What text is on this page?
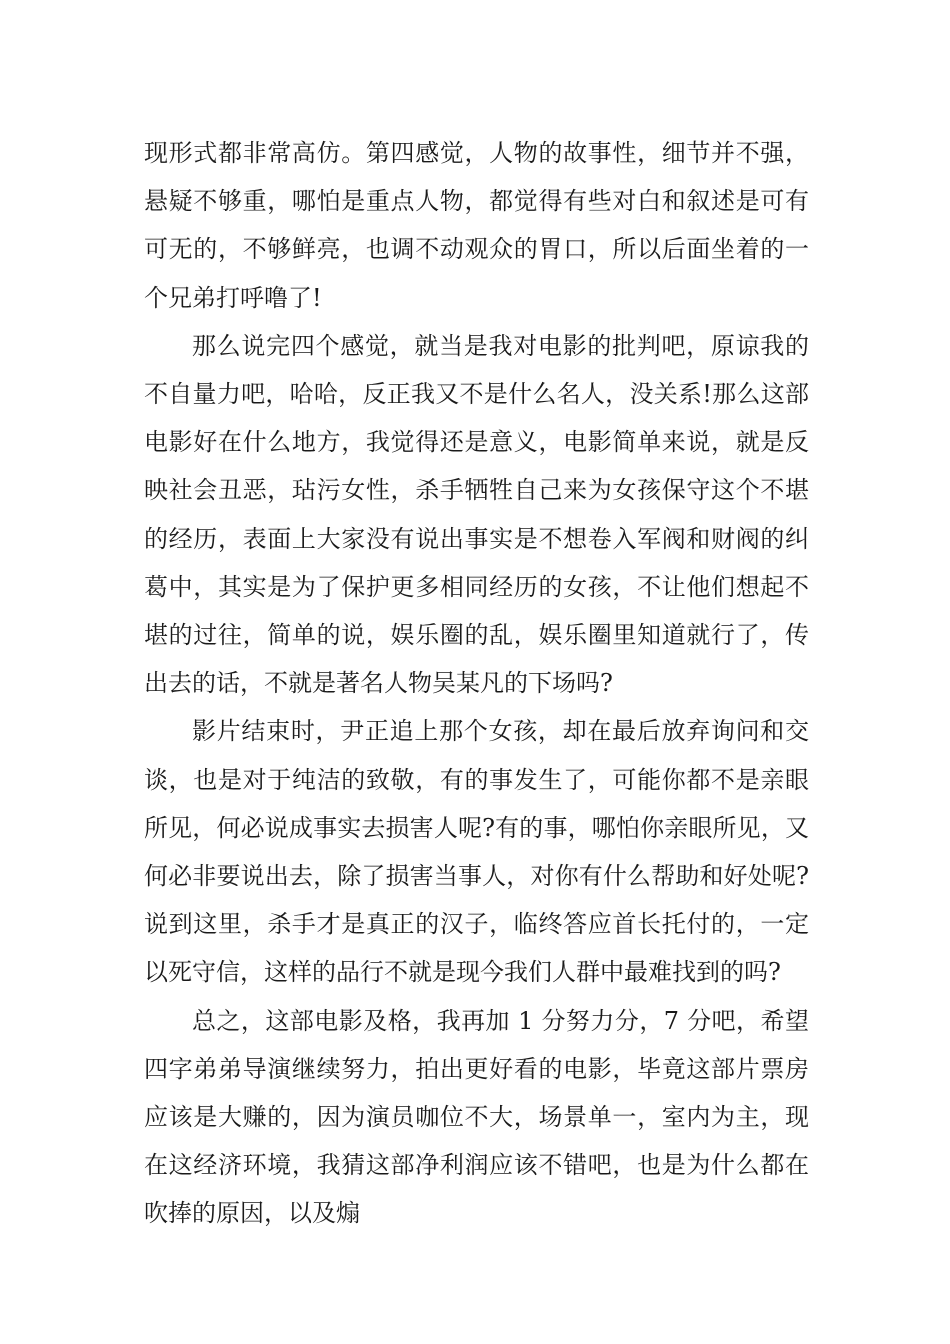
现形式都非常高仿。第四感觉，人物的故事性，细节并不强，悬疑不够重，哪怕是重点人物，都觉得有些对白和叙述是可有可无的，不够鲜亮，也调不动观众的胃口，所以后面坐着的一个兄弟打呼噜了!

那么说完四个感觉，就当是我对电影的批判吧，原谅我的不自量力吧，哈哈，反正我又不是什么名人，没关系!那么这部电影好在什么地方，我觉得还是意义，电影简单来说，就是反映社会丑恶，玷污女性，杀手牺牲自己来为女孩保守这个不堪的经历，表面上大家没有说出事实是不想卷入军阀和财阀的纠葛中，其实是为了保护更多相同经历的女孩，不让他们想起不堪的过往，简单的说，娱乐圈的乱，娱乐圈里知道就行了，传出去的话，不就是著名人物吴某凡的下场吗?

影片结束时，尹正追上那个女孩，却在最后放弃询问和交谈，也是对于纯洁的致敬，有的事发生了，可能你都不是亲眼所见，何必说成事实去损害人呢?有的事，哪怕你亲眼所见，又何必非要说出去，除了损害当事人，对你有什么帮助和好处呢?说到这里，杀手才是真正的汉子，临终答应首长托付的，一定以死守信，这样的品行不就是现今我们人群中最难找到的吗?

总之，这部电影及格，我再加 1 分努力分，7 分吧，希望四字弟弟导演继续努力，拍出更好看的电影，毕竟这部片票房应该是大赚的，因为演员咖位不大，场景单一，室内为主，现在这经济环境，我猜这部净利润应该不错吧，也是为什么都在吹捧的原因，以及煽
